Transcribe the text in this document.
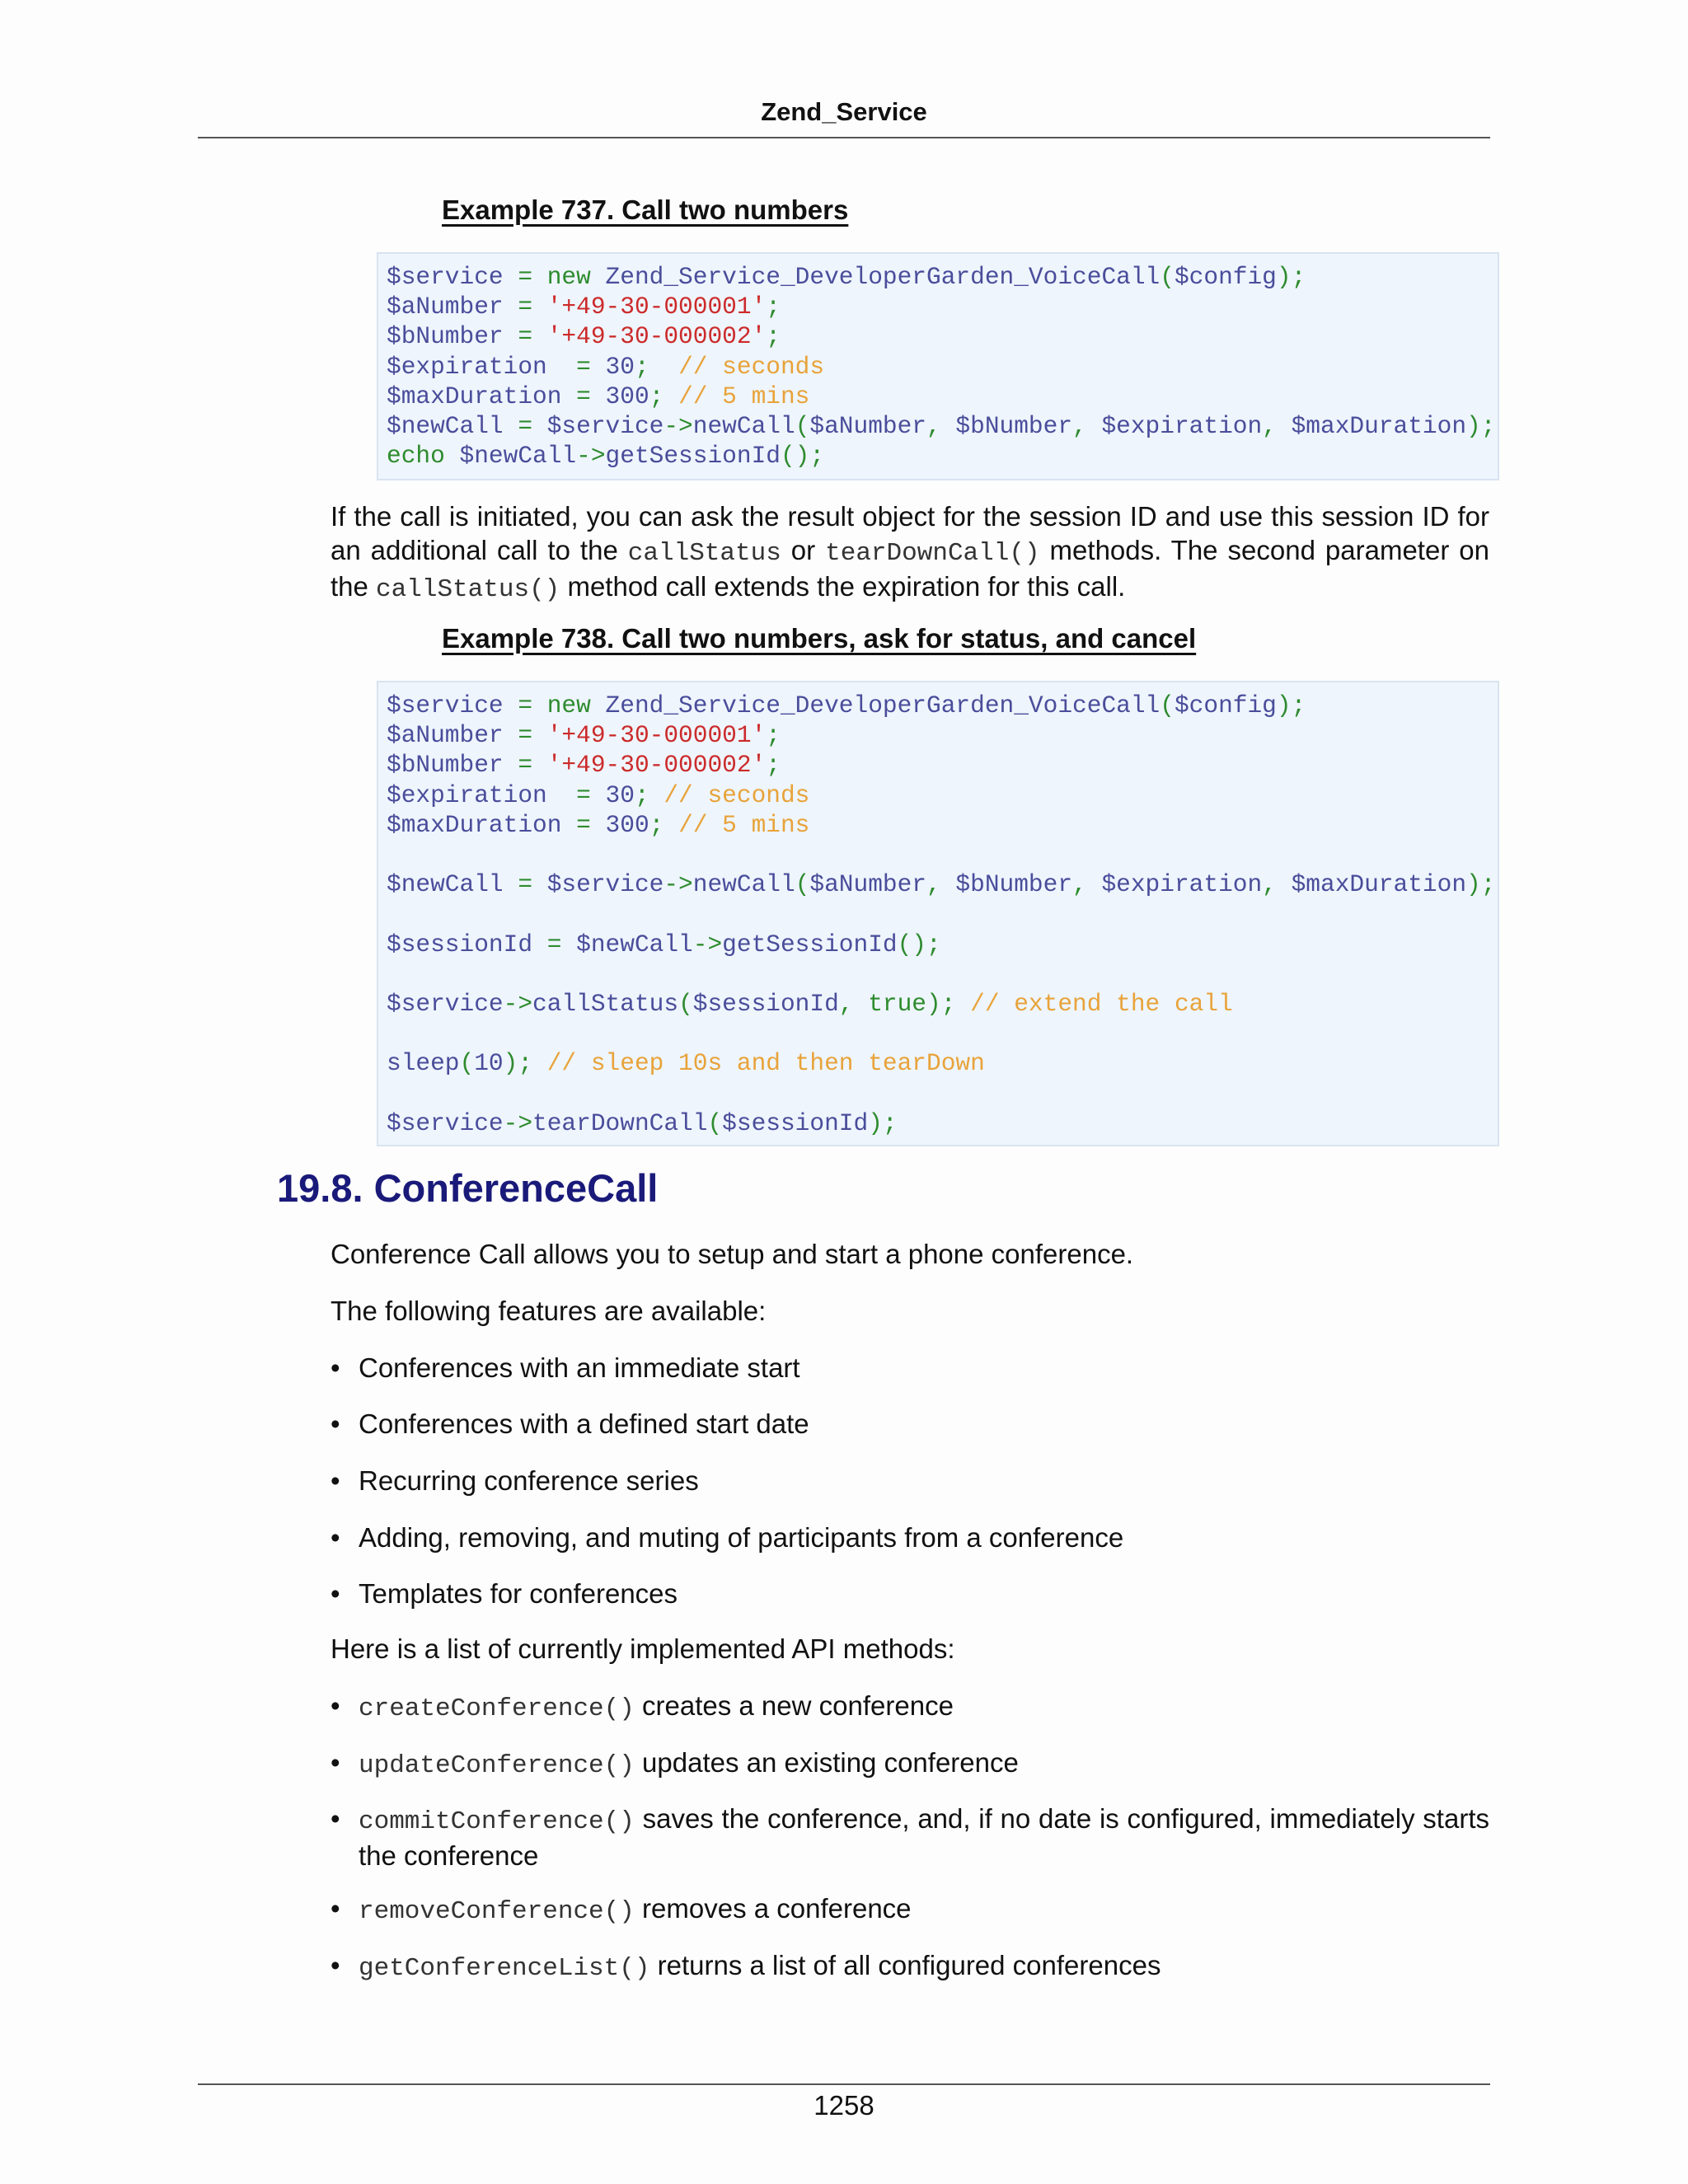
Zend_Service
Example 737. Call two numbers
$service = new Zend_Service_DeveloperGarden_VoiceCall($config);
$aNumber = '+49-30-000001';
$bNumber = '+49-30-000002';
$expiration  = 30;  // seconds
$maxDuration = 300; // 5 mins
$newCall = $service->newCall($aNumber, $bNumber, $expiration, $maxDuration);
echo $newCall->getSessionId();

If the call is initiated, you can ask the result object for the session ID and use this session ID for an additional call to the callStatus or tearDownCall() methods. The second parameter on the callStatus() method call extends the expiration for this call.
Example 738. Call two numbers, ask for status, and cancel
$service = new Zend_Service_DeveloperGarden_VoiceCall($config);
$aNumber = '+49-30-000001';
$bNumber = '+49-30-000002';
$expiration  = 30; // seconds
$maxDuration = 300; // 5 mins

$newCall = $service->newCall($aNumber, $bNumber, $expiration, $maxDuration);

$sessionId = $newCall->getSessionId();

$service->callStatus($sessionId, true); // extend the call

sleep(10); // sleep 10s and then tearDown

$service->tearDownCall($sessionId);

19.8. ConferenceCall
Conference Call allows you to setup and start a phone conference.
The following features are available:
• Conferences with an immediate start
• Conferences with a defined start date
• Recurring conference series
• Adding, removing, and muting of participants from a conference
• Templates for conferences
Here is a list of currently implemented API methods:
• createConference() creates a new conference
• updateConference() updates an existing conference
• commitConference() saves the conference, and, if no date is configured, immediately starts the conference
• removeConference() removes a conference
• getConferenceList() returns a list of all configured conferences
1258
